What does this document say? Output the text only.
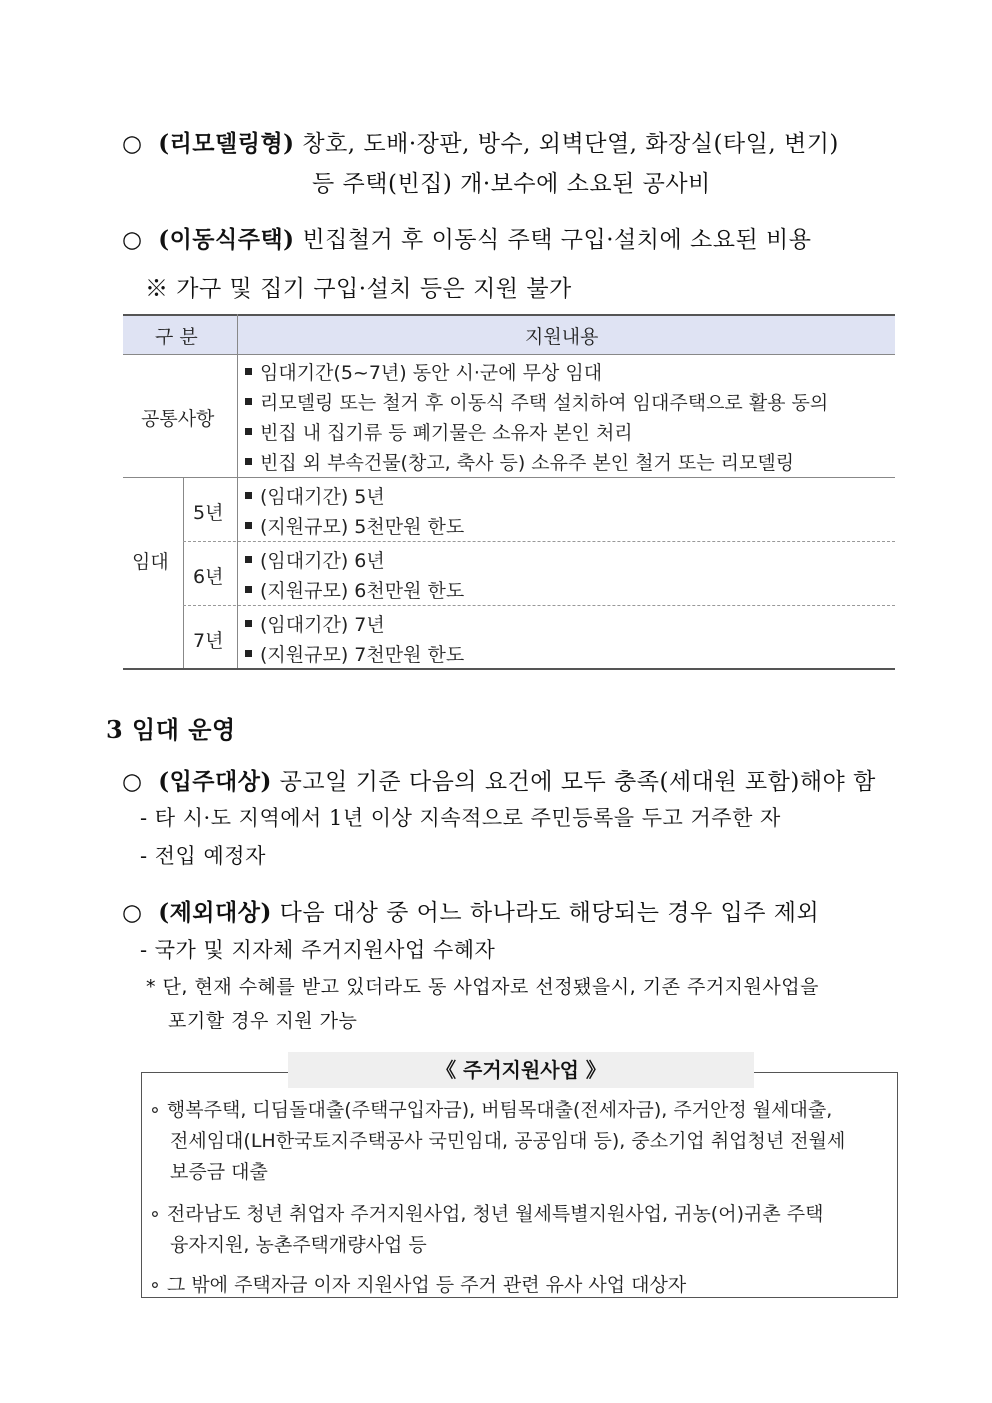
○ (리모델링형) 창호, 도배·장판, 방수, 외벽단열, 화장실(타일, 변기)
등 주택(빈집) 개·보수에 소요된 공사비
○ (이동식주택) 빈집철거 후 이동식 주택 구입·설치에 소요된 비용
※ 가구 및 집기 구입·설치 등은 지원 불가
구 분	지원내용
공통사항
임대
5년
6년
7년
임대기간(5~7년) 동안 시·군에 무상 임대
리모델링 또는 철거 후 이동식 주택 설치하여 임대주택으로 활용 동의
빈집 내 집기류 등 폐기물은 소유자 본인 처리
빈집 외 부속건물(창고, 축사 등) 소유주 본인 철거 또는 리모델링
(임대기간) 5년
(지원규모) 5천만원 한도
(임대기간) 6년
(지원규모) 6천만원 한도
(임대기간) 7년
(지원규모) 7천만원 한도
3 임대 운영
○ (입주대상) 공고일 기준 다음의 요건에 모두 충족(세대원 포함)해야 함
- 타 시·도 지역에서 1년 이상 지속적으로 주민등록을 두고 거주한 자
- 전입 예정자
○ (제외대상) 다음 대상 중 어느 하나라도 해당되는 경우 입주 제외
- 국가 및 지자체 주거지원사업 수혜자
* 단, 현재 수혜를 받고 있더라도 동 사업자로 선정됐을시, 기존 주거지원사업을
포기할 경우 지원 가능
《 주거지원사업 》
∘ 행복주택, 디딤돌대출(주택구입자금), 버팀목대출(전세자금), 주거안정 월세대출,
전세임대(LH한국토지주택공사 국민임대, 공공임대 등), 중소기업 취업청년 전월세
보증금 대출
∘ 전라남도 청년 취업자 주거지원사업, 청년 월세특별지원사업, 귀농(어)귀촌 주택
융자지원, 농촌주택개량사업 등
∘ 그 밖에 주택자금 이자 지원사업 등 주거 관련 유사 사업 대상자
